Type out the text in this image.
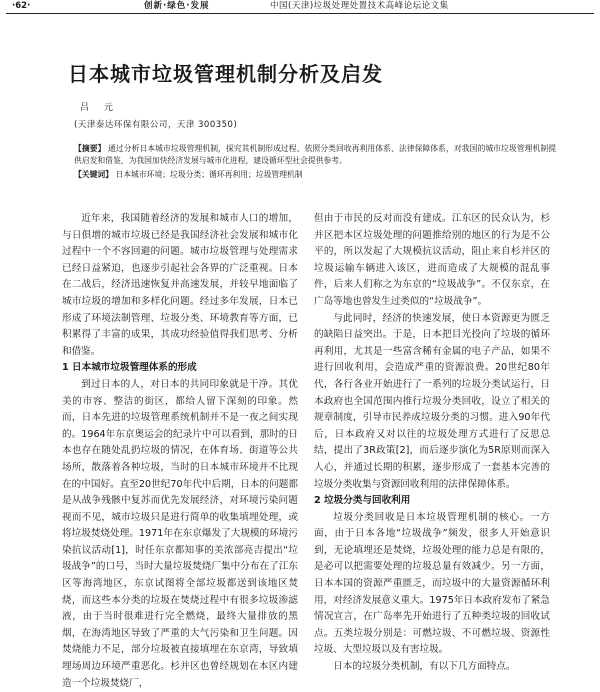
·62·	创新·绿色·发展	中国(天津)垃圾处理处置技术高峰论坛论文集
日本城市垃圾管理机制分析及启发
吕 元
(天津泰达环保有限公司，天津 300350)
【摘要】 通过分析日本城市垃圾管理机制，探究其机制形成过程、依照分类回收再利用体系、法律保障体系，对我国的城市垃圾管理机制提供启发和借鉴，为我国加快经济发展与城市化进程，建设循环型社会提供参考。
【关键词】 日本城市环境；垃圾分类；循环再利用；垃圾管理机制

近年来，我国随着经济的发展和城市人口的增加，与日俱增的城市垃圾已经是我国经济社会发展和城市化过程中一个不容回避的问题。城市垃圾管理与处理需求已经日益紧迫，也逐步引起社会各界的广泛重视。日本在二战后，经济迅速恢复并高速发展，并较早地面临了城市垃圾的增加和多样化问题。经过多年发展，日本已形成了环境法制管理、垃圾分类、环境教育等方面，已积累得了丰富的成果，其成功经验值得我们思考、分析和借鉴。

1 日本城市垃圾管理体系的形成

到过日本的人，对日本的共同印象就是干净。其优美的市容、整洁的街区，都给人留下深刻的印象。然而，日本先进的垃圾管理系统机制并不是一夜之间实现的。1964年东京奥运会的纪录片中可以看到，那时的日本也存在随处乱扔垃圾的情况，在体育场、街道等公共场所，散落着各种垃圾，当时的日本城市环境并不比现在的中国好。直至20世纪70年代中后期，日本的问题都是从战争残骸中复苏而优先发展经济，对环境污染问题视而不见，城市垃圾只是进行简单的收集填埋处理，或将垃圾焚烧处理。1971年在东京爆发了大规模的环境污染抗议活动[1]，时任东京都知事的美浓部亮吉提出“垃圾战争”的口号，当时大量垃圾焚烧厂集中分布在了江东区等海湾地区，东京试图将全部垃圾都送到该地区焚烧，而这些本分类的垃圾在焚烧过程中有很多垃圾渗滤液，由于当时很难进行完全燃烧，最终大量排放的黑烟，在海湾地区导致了严重的大气污染和卫生问题。因焚烧能力不足，部分垃圾被直接填埋在东京湾，导致填埋场周边环境严重恶化。杉并区也曾经规划在本区内建造一个垃圾焚烧厂，

但由于市民的反对而没有建成。江东区的民众认为，杉并区把本区垃圾处理的问题推给别的地区的行为是不公平的，所以发起了大规模抗议活动，阻止来自杉并区的垃圾运输车辆进入该区，进而造成了大规模的混乱事件，后来人们称之为东京的“垃圾战争”。不仅东京，在广岛等地也曾发生过类似的“垃圾战争”。

与此同时，经济的快速发展，使日本资源更为匮乏的缺陷日益突出。于是，日本把目光投向了垃圾的循环再利用，尤其是一些富含稀有金属的电子产品，如果不进行回收利用，会造成严重的资源浪费。20世纪80年代，各行各业开始进行了一系列的垃圾分类试运行，日本政府也全国范围内推行垃圾分类回收，设立了相关的规章制度，引导市民养成垃圾分类的习惯。进入90年代后，日本政府又对以往的垃圾处理方式进行了反思总结，提出了3R政策[2]，而后逐步演化为5R原则而深入人心，并通过长期的积累，逐步形成了一套基本完善的垃圾分类收集与资源回收利用的法律保障体系。

2 垃圾分类与回收利用

垃圾分类回收是日本垃圾管理机制的核心。一方面，由于日本各地“垃圾战争”频发，很多人开始意识到，无论填埋还是焚烧，垃圾处理的能力总是有限的，是必可以把需要处理的垃圾总量有效减少。另一方面，日本本国的资源严重匮乏，而垃圾中的大量资源循环利用，对经济发展意义重大。1975年日本政府发布了紧急情况宣言，在广岛率先开始进行了五种类垃圾的回收试点。五类垃圾分别是：可燃垃圾、不可燃垃圾、资源性垃圾、大型垃圾以及有害垃圾。

日本的垃圾分类机制，有以下几方面特点。
